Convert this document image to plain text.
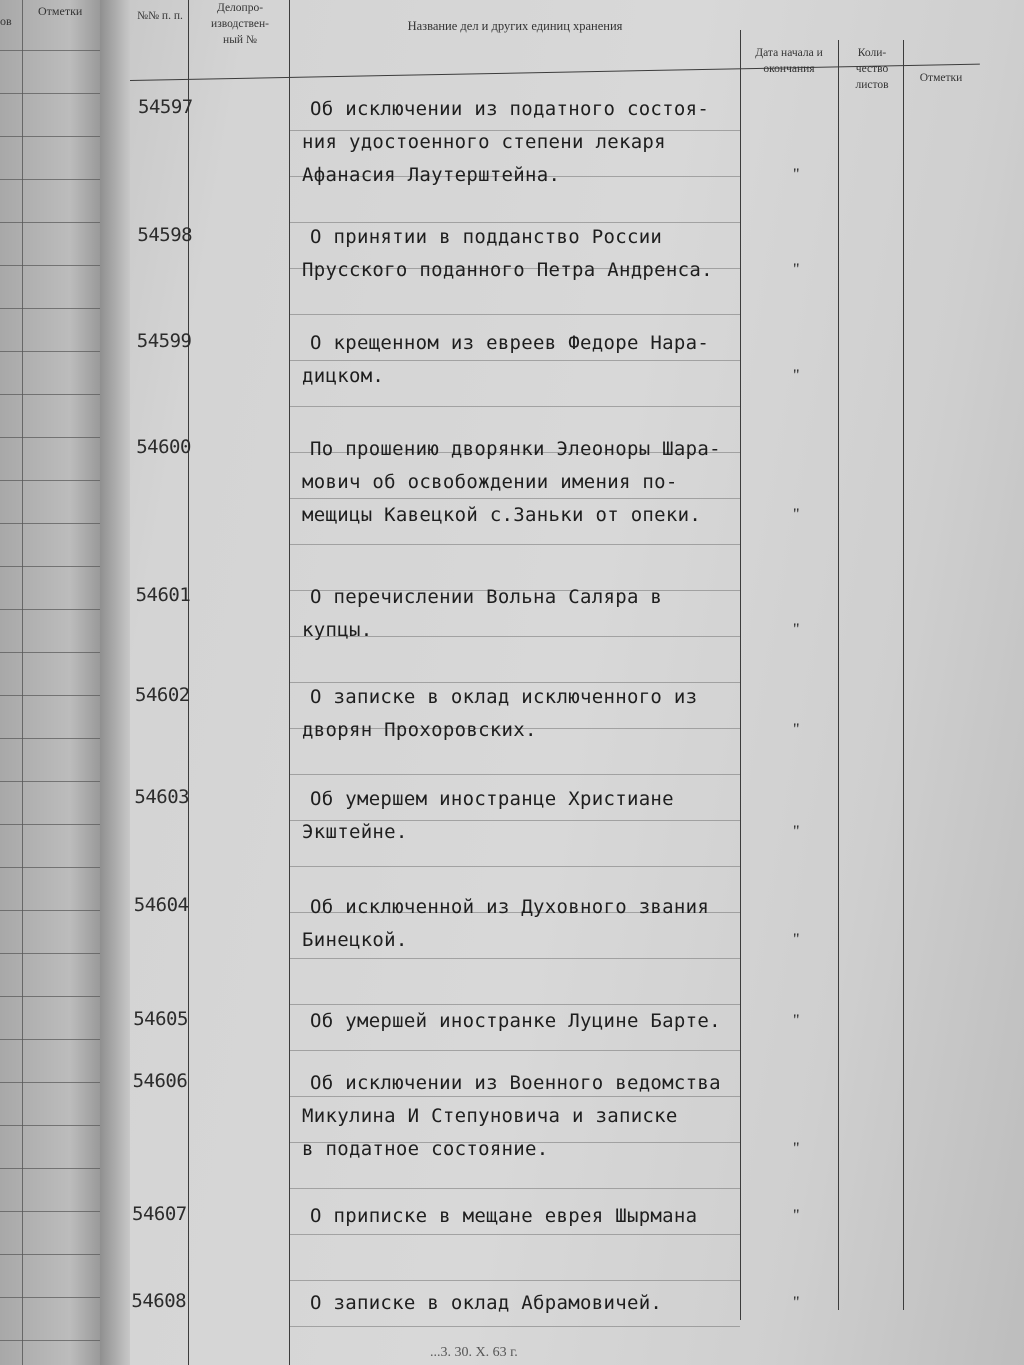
ов
Отметки	№№ п. п.
Делопро- изводствен- ный №
Название дел и других единиц хранения
Дата начала и окончания
Коли- чество листов
Отметки
54597	Об исключении из податного состоя-
ния удостоенного степени лекаря
Афанасия Лаутерштейна.	"
54598	О принятии в подданство России
Прусского поданного Петра Андренса.	"
54599	О крещенном из евреев Федоре Нара-
дицком.	"
54600	По прошению дворянки Элеоноры Шара-
мович об освобождении имения по-
мещицы Кавецкой с.Заньки от опеки.	"
54601	О перечислении Вольна Саляра в
купцы.	"
54602	О записке в оклад исключенного из
дворян Прохоровских.	"
54603	Об умершем иностранце Христиане
Экштейне.	"
54604	Об исключенной из Духовного звания
Бинецкой.	"
54605	Об умершей иностранке Луцине Барте.	"
54606	Об исключении из Военного ведомства
Микулина И Степуновича и записке
в податное состояние.	"
54607	О приписке в мещане еврея Шырмана	"
54608	О записке в оклад Абрамовичей.	"
...3. 30. X. 63 г.
